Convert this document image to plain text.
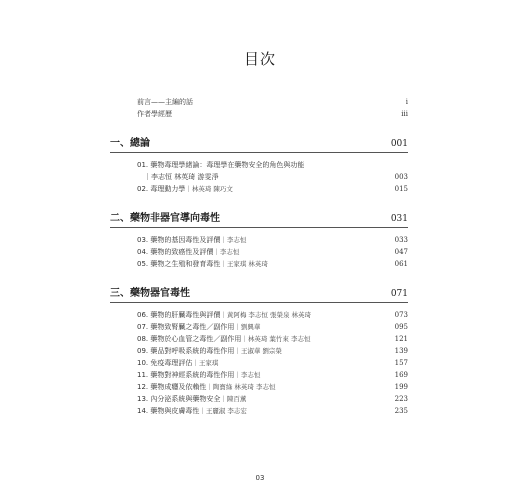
目次
前言——主編的話	i
作者學經歷	iii
一、總論	001
01. 藥物毒理學緒論：毒理學在藥物安全的角色與功能
｜李志恒 林英琦 游雯淨	003
02. 毒理動力學｜林英琦 陳巧文	015
二、藥物非器官導向毒性	031
03. 藥物的基因毒性及評價｜李志恒	033
04. 藥物的致癌性及評價｜李志恒	047
05. 藥物之生殖和發育毒性｜王家琪 林英琦	061
三、藥物器官毒性	071
06. 藥物的肝臟毒性與評價｜黃阿梅 李志恒 張榮泉 林英琦	073
07. 藥物致腎臟之毒性／副作用｜劉興華	095
08. 藥物於心血管之毒性／副作用｜林英琦 葉竹來 李志恒	121
09. 藥品對呼吸系統的毒性作用｜王淑華 劉宗榮	139
10. 免疫毒理評估｜王家琪	157
11. 藥物對神經系統的毒性作用｜李志恒	169
12. 藥物成癮及依賴性｜陶寶綠 林英琦 李志恒	199
13. 內分泌系統與藥物安全｜陳百薰	223
14. 藥物與皮膚毒性｜王麗淑 李志宏	235
03
